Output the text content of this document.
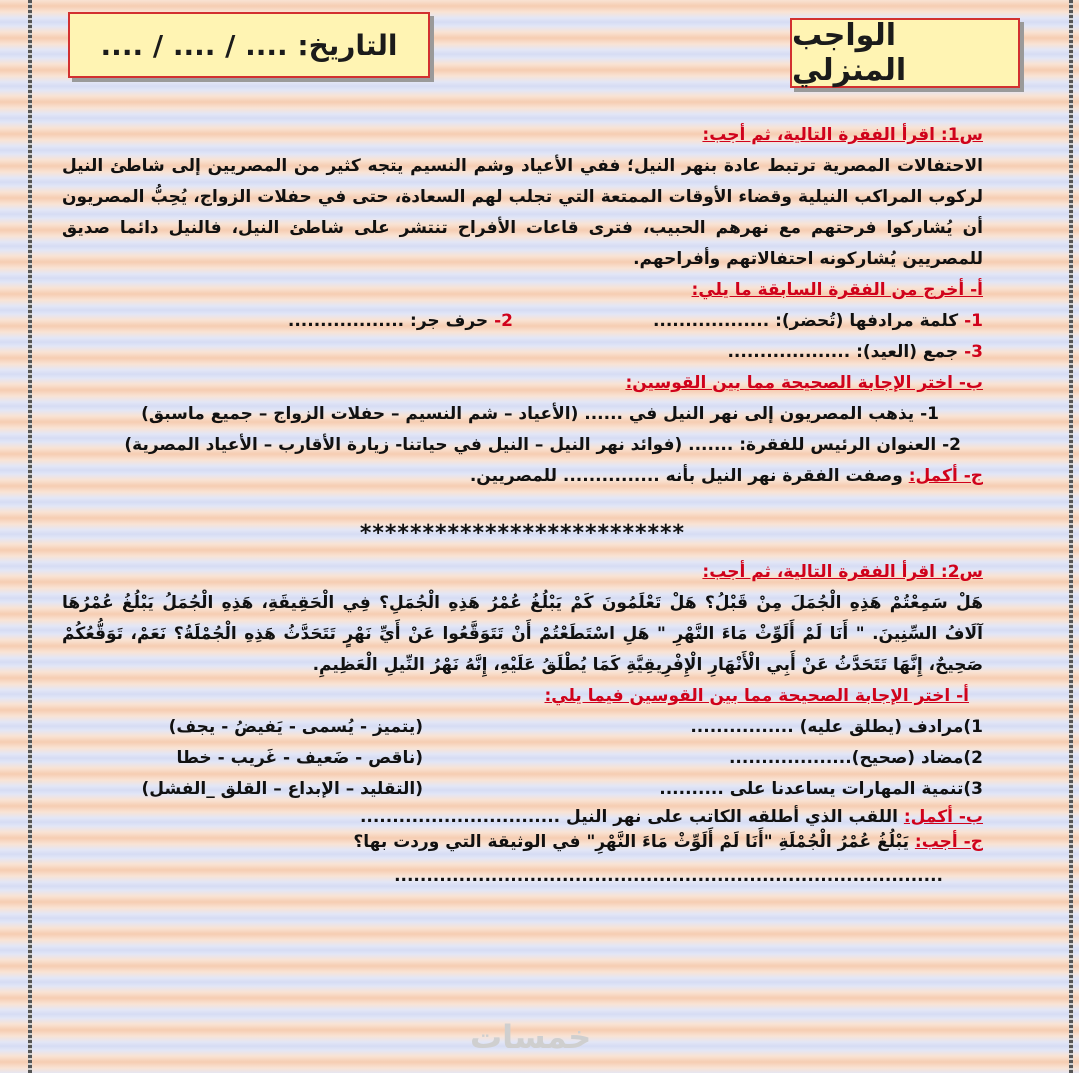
الواجب المنزلي
التاريخ: .... / .... / ....
س1: اقرأ الفقرة التالية، ثم أجب:
الاحتفالات المصرية ترتبط عادة بنهر النيل؛ ففي الأعياد وشم النسيم يتجه كثير من المصريين إلى شاطئ النيل لركوب المراكب النيلية وقضاء الأوقات الممتعة التي تجلب لهم السعادة، حتى في حفلات الزواج، يُحِبُّ المصريون أن يُشاركوا فرحتهم مع نهرهم الحبيب، فترى قاعات الأفراح تنتشر على شاطئ النيل، فالنيل دائما صديق للمصريين يُشاركونه احتفالاتهم وأفراحهم.
أ- أخرج من الفقرة السابقة ما يلي:
1- كلمة مرادفها (تُحضر): ..................
2- حرف جر: ..................
3- جمع (العيد): ...................
ب- اختر الإجابة الصحيحة مما بين القوسين:
1- يذهب المصريون إلى نهر النيل في ...... (الأعياد – شم النسيم – حفلات الزواج – جميع ماسبق)
2- العنوان الرئيس للفقرة: ....... (فوائد نهر النيل – النيل في حياتنا- زيارة الأقارب – الأعياد المصرية)
ج- أكمل: وصفت الفقرة نهر النيل بأنه ............... للمصريين.
**************************
س2: اقرأ الفقرة التالية، ثم أجب:
هَلْ سَمِعْتُمْ هَذِهِ الْجُمَلَ مِنْ قَبْلُ؟ هَلْ تَعْلَمُونَ كَمْ يَبْلُغُ عُمْرُ هَذِهِ الْجُمَلِ؟ فِي الْحَقِيقَةِ، هَذِهِ الْجُمَلُ يَبْلُغُ عُمْرُهَا آلَافُ السِّنِينَ. " أَنَا لَمْ أَلَوِّثْ مَاءَ النَّهْرِ " هَلِ اسْتَطَعْتُمْ أَنْ تَتَوَقَّعُوا عَنْ أَيِّ نَهْرٍ تَتَحَدَّثُ هَذِهِ الْجُمْلَةُ؟ نَعَمْ، تَوَقُّعُكُمْ صَحِيحٌ، إِنَّهَا تَتَحَدَّثُ عَنْ أَبِي الْأَنْهَارِ الْإِفْرِيقِيَّةِ كَمَا يُطْلَقُ عَلَيْهِ، إِنَّهُ نَهْرُ النِّيلِ الْعَظِيمِ.
أ- اختر الإجابة الصحيحة مما بين القوسين فيما يلي:
1)مرادف (يطلق عليه) ................
(يتميز - يُسمى - يَفيضُ - يجف)
2)مضاد (صحيح)...................
(ناقص - ضَعيف - غَريب - خطا
3)تنمية المهارات يساعدنا على ..........
(التقليد – الإبداع – القلق _الفشل)
ب- أكمل: اللقب الذي أطلقه الكاتب على نهر النيل ...............................
ج- أجب: يَبْلُغُ عُمْرُ الْجُمْلَةِ "أَنَا لَمْ أَلَوِّثْ مَاءَ النَّهْرِ" في الوثيقة التي وردت بها؟
.....................................................................................
خمسات
